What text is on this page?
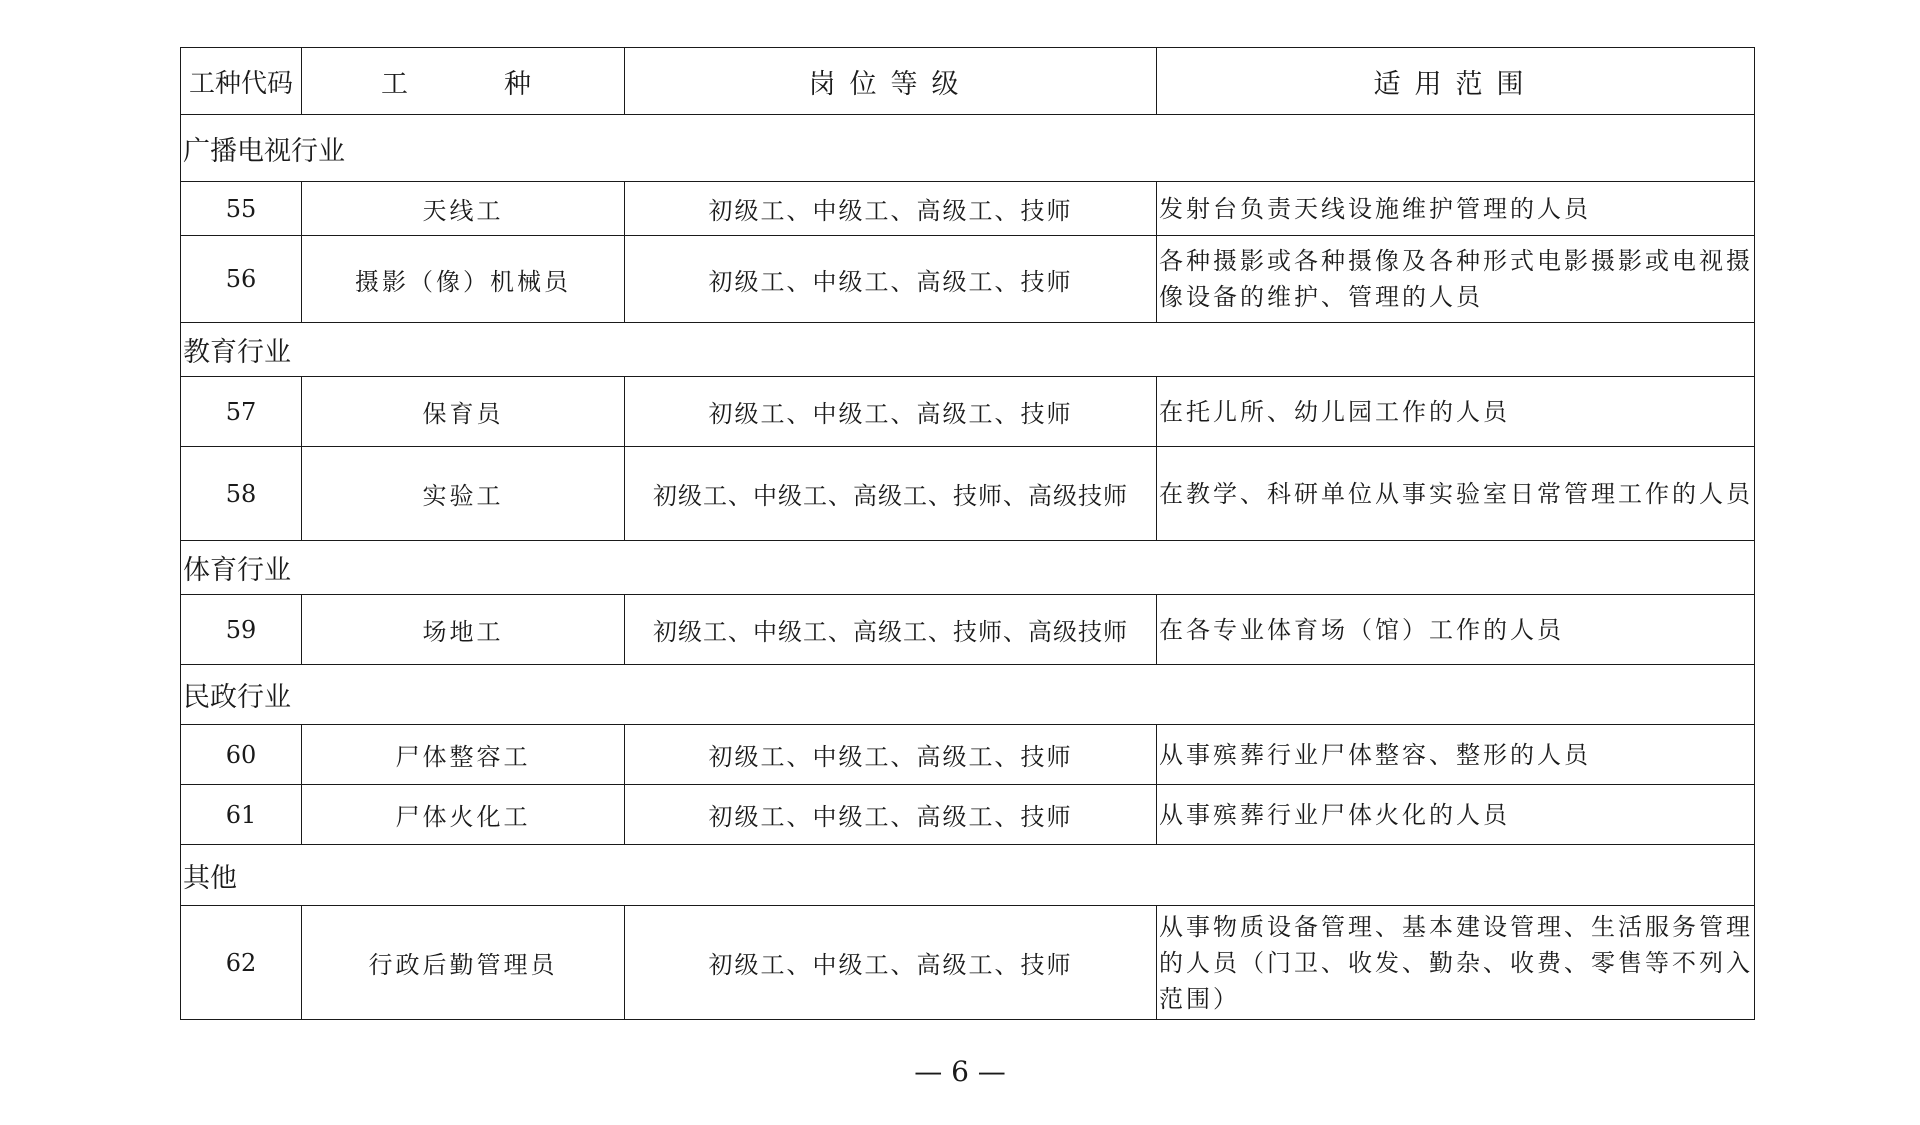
工种代码	工　　种	岗位等级	适用范围
广播电视行业			
55	天线工	初级工、中级工、高级工、技师	发射台负责天线设施维护管理的人员
56	摄影（像）机械员	初级工、中级工、高级工、技师	各种摄影或各种摄像及各种形式电影摄影或电视摄像设备的维护、管理的人员
教育行业			
57	保育员	初级工、中级工、高级工、技师	在托儿所、幼儿园工作的人员
58	实验工	初级工、中级工、高级工、技师、高级技师	在教学、科研单位从事实验室日常管理工作的人员
体育行业			
59	场地工	初级工、中级工、高级工、技师、高级技师	在各专业体育场（馆）工作的人员
民政行业			
60	尸体整容工	初级工、中级工、高级工、技师	从事殡葬行业尸体整容、整形的人员
61	尸体火化工	初级工、中级工、高级工、技师	从事殡葬行业尸体火化的人员
其他			
62	行政后勤管理员	初级工、中级工、高级工、技师	从事物质设备管理、基本建设管理、生活服务管理的人员（门卫、收发、勤杂、收费、零售等不列入范围）
— 6 —
